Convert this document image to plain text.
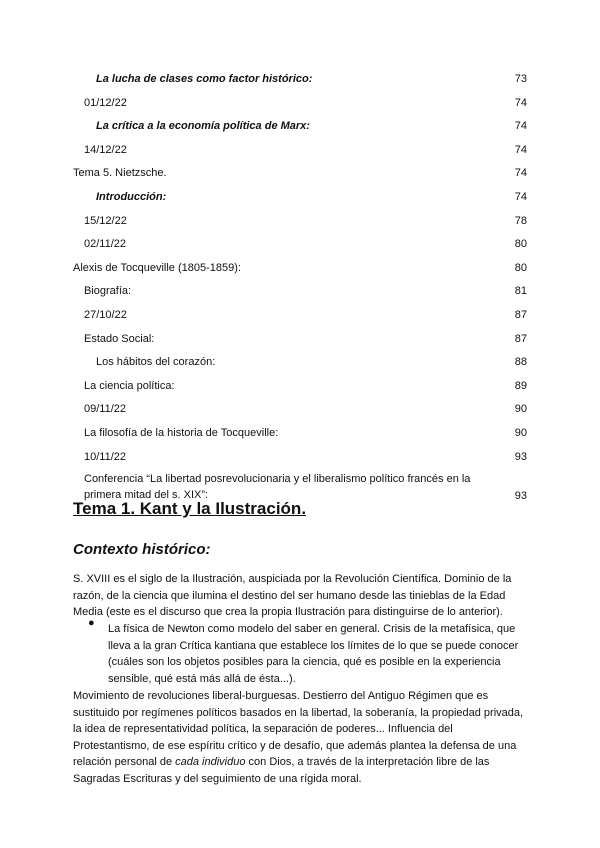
La lucha de clases como factor histórico:	73
01/12/22	74
La crítica a la economía política de Marx:	74
14/12/22	74
Tema 5. Nietzsche.	74
Introducción:	74
15/12/22	78
02/11/22	80
Alexis de Tocqueville (1805-1859):	80
Biografía:	81
27/10/22	87
Estado Social:	87
Los hábitos del corazón:	88
La ciencia política:	89
09/11/22	90
La filosofía de la historia de Tocqueville:	90
10/11/22	93
Conferencia “La libertad posrevolucionaria y el liberalismo político francés en la primera mitad del s. XIX”:	93
Tema 1. Kant y la Ilustración.
Contexto histórico:
S. XVIII es el siglo de la Ilustración, auspiciada por la Revolución Científica. Dominio de la
razón, de la ciencia que ilumina el destino del ser humano desde las tinieblas de la Edad
Media (este es el discurso que crea la propia Ilustración para distinguirse de lo anterior).
● La física de Newton como modelo del saber en general. Crisis de la metafísica, que
lleva a la gran Crítica kantiana que establece los límites de lo que se puede conocer
(cuáles son los objetos posibles para la ciencia, qué es posible en la experiencia
sensible, qué está más allá de ésta...).
Movimiento de revoluciones liberal-burguesas. Destierro del Antiguo Régimen que es
sustituido por regímenes políticos basados en la libertad, la soberanía, la propiedad privada,
la idea de representatividad política, la separación de poderes... Influencia del
Protestantismo, de ese espíritu crítico y de desafío, que además plantea la defensa de una
relación personal de cada individuo con Dios, a través de la interpretación libre de las
Sagradas Escrituras y del seguimiento de una rígida moral.
